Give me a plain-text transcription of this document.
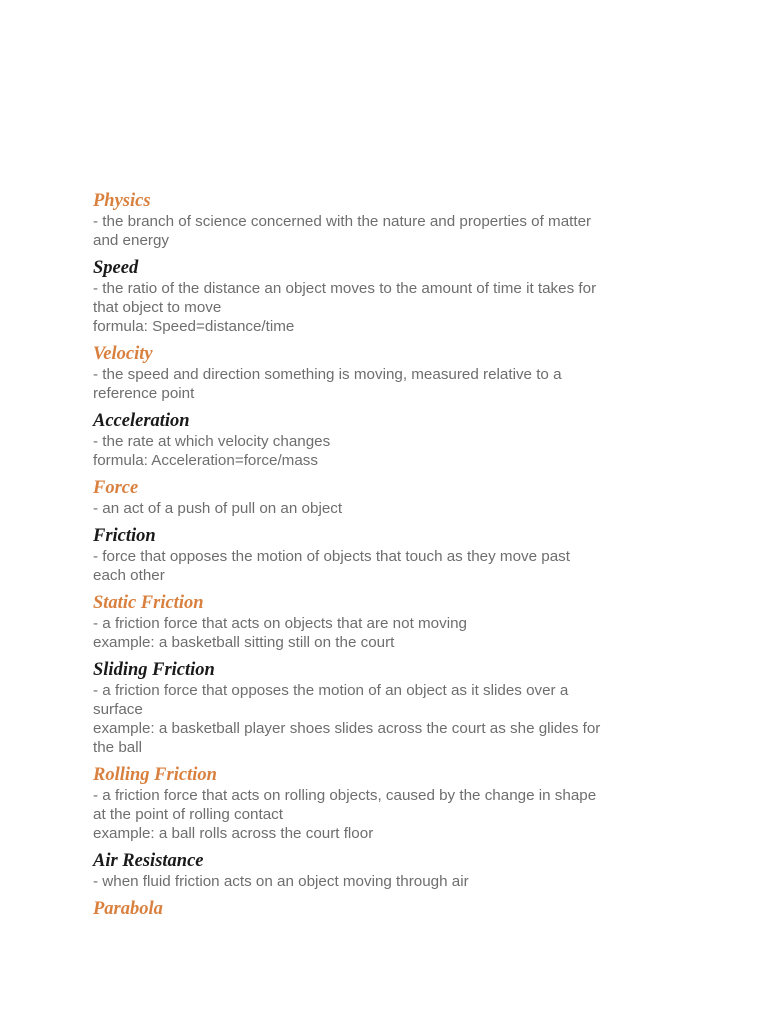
Physics

- the branch of science concerned with the nature and properties of matter

and energy

Speed

- the ratio of the distance an object moves to the amount of time it takes for

that object to move

formula: Speed=distance/time

Velocity

- the speed and direction something is moving, measured relative to a

reference point

Acceleration

- the rate at which velocity changes

formula: Acceleration=force/mass

Force

- an act of a push of pull on an object

Friction

- force that opposes the motion of objects that touch as they move past

each other

Static Friction

- a friction force that acts on objects that are not moving

example: a basketball sitting still on the court

Sliding Friction

- a friction force that opposes the motion of an object as it slides over a

surface

example: a basketball player shoes slides across the court as she glides for

the ball

Rolling Friction

- a friction force that acts on rolling objects, caused by the change in shape

at the point of rolling contact

example: a ball rolls across the court floor

Air Resistance

- when fluid friction acts on an object moving through air

Parabola
